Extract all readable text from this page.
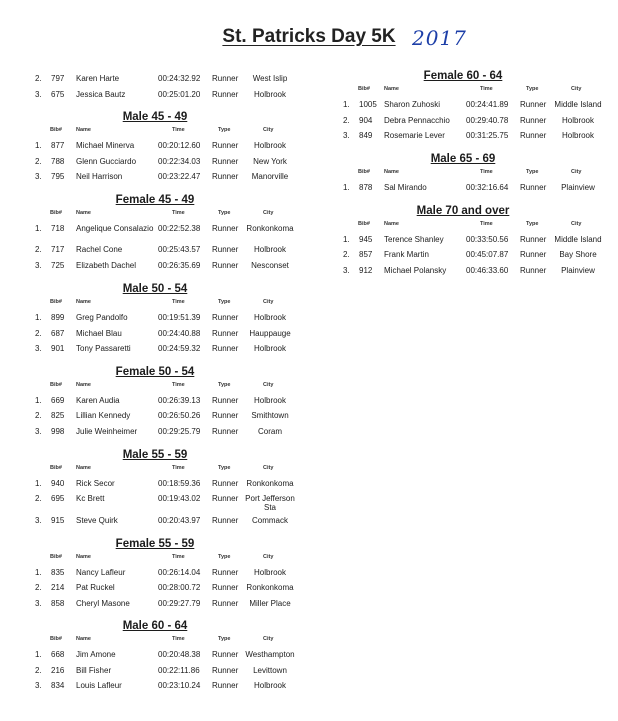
St. Patricks Day 5K 2017
2. 797 Karen Harte	00:24:32.92 Runner	West Islip
3. 675 Jessica Bautz	00:25:01.20 Runner	Holbrook
Male 45 - 49
Bib#	Name	Time	Type	City
1. 877 Michael Minerva	00:20:12.60 Runner	Holbrook
2. 788 Glenn Gucciardo	00:22:34.03 Runner	New York
3. 795 Neil Harrison	00:23:22.47 Runner	Manorville
Female 45 - 49
Bib#	Name	Time	Type	City
1. 718 Angelique Consalazio 00:22:52.38 Runner	Ronkonkoma
2. 717 Rachel Cone	00:25:43.57 Runner	Holbrook
3. 725 Elizabeth Dachel	00:26:35.69 Runner	Nesconset
Male 50 - 54
Bib#	Name	Time	Type	City
1. 899 Greg Pandolfo	00:19:51.39 Runner	Holbrook
2. 687 Michael Blau	00:24:40.88 Runner	Hauppauge
3. 901 Tony Passaretti	00:24:59.32 Runner	Holbrook
Female 50 - 54
Bib#	Name	Time	Type	City
1. 669 Karen Audia	00:26:39.13 Runner	Holbrook
2. 825 Lillian Kennedy	00:26:50.26 Runner	Smithtown
3. 998 Julie Weinheimer	00:29:25.79 Runner	Coram
Male 55 - 59
Bib#	Name	Time	Type	City
1. 940 Rick Secor	00:18:59.36 Runner	Ronkonkoma
2. 695 Kc Brett	00:19:43.02 Runner Port Jefferson Sta
3. 915 Steve Quirk	00:20:43.97 Runner	Commack
Female 55 - 59
Bib#	Name	Time	Type	City
1. 835 Nancy Lafleur	00:26:14.04 Runner	Holbrook
2. 214 Pat Ruckel	00:28:00.72 Runner	Ronkonkoma
3. 858 Cheryl Masone	00:29:27.79 Runner	Miller Place
Male 60 - 64
Bib#	Name	Time	Type	City
1. 668 Jim Amone	00:20:48.38 Runner Westhampton
2. 216 Bill Fisher	00:22:11.86 Runner	Levittown
3. 834 Louis Lafleur	00:23:10.24 Runner	Holbrook
Female 60 - 64
Bib#	Name	Time	Type	City
1. 1005 Sharon Zuhoski	00:24:41.89 Runner	Middle Island
2. 904 Debra Pennacchio	00:29:40.78 Runner	Holbrook
3. 849 Rosemarie Lever	00:31:25.75 Runner	Holbrook
Male 65 - 69
Bib#	Name	Time	Type	City
1. 878 Sal Mirando	00:32:16.64 Runner	Plainview
Male 70 and over
Bib#	Name	Time	Type	City
1. 945 Terence Shanley	00:33:50.56 Runner	Middle Island
2. 857 Frank Martin	00:45:07.87 Runner	Bay Shore
3. 912 Michael Polansky	00:46:33.60 Runner	Plainview
